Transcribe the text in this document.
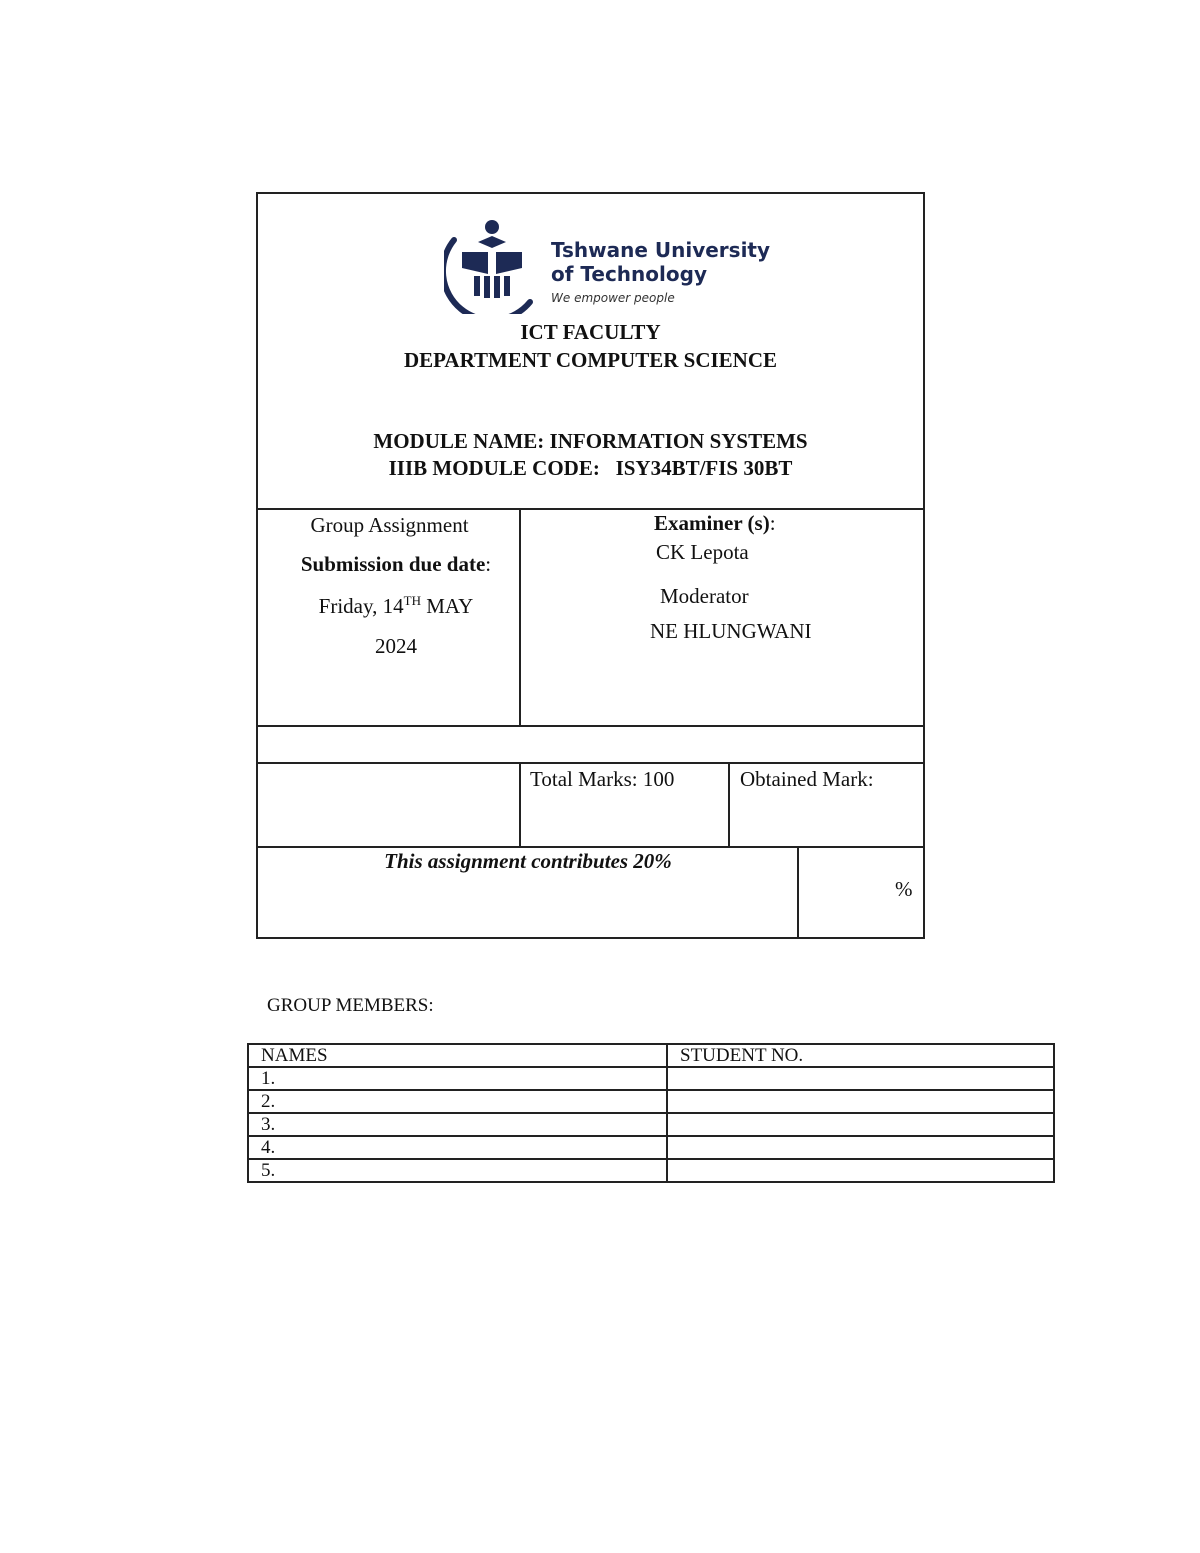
Tshwane University
of Technology
We empower people
ICT FACULTY
DEPARTMENT COMPUTER SCIENCE
MODULE NAME: INFORMATION SYSTEMS
IIIB MODULE CODE:   ISY34BT/FIS 30BT
Group Assignment
Submission due date:
Friday, 14TH MAY
2024
Examiner (s):
CK Lepota
Moderator
NE HLUNGWANI
Total Marks: 100	Obtained Mark:
This assignment contributes 20%
%
GROUP MEMBERS:
NAMES	STUDENT NO.
1.	
2.	
3.	
4.	
5.	
